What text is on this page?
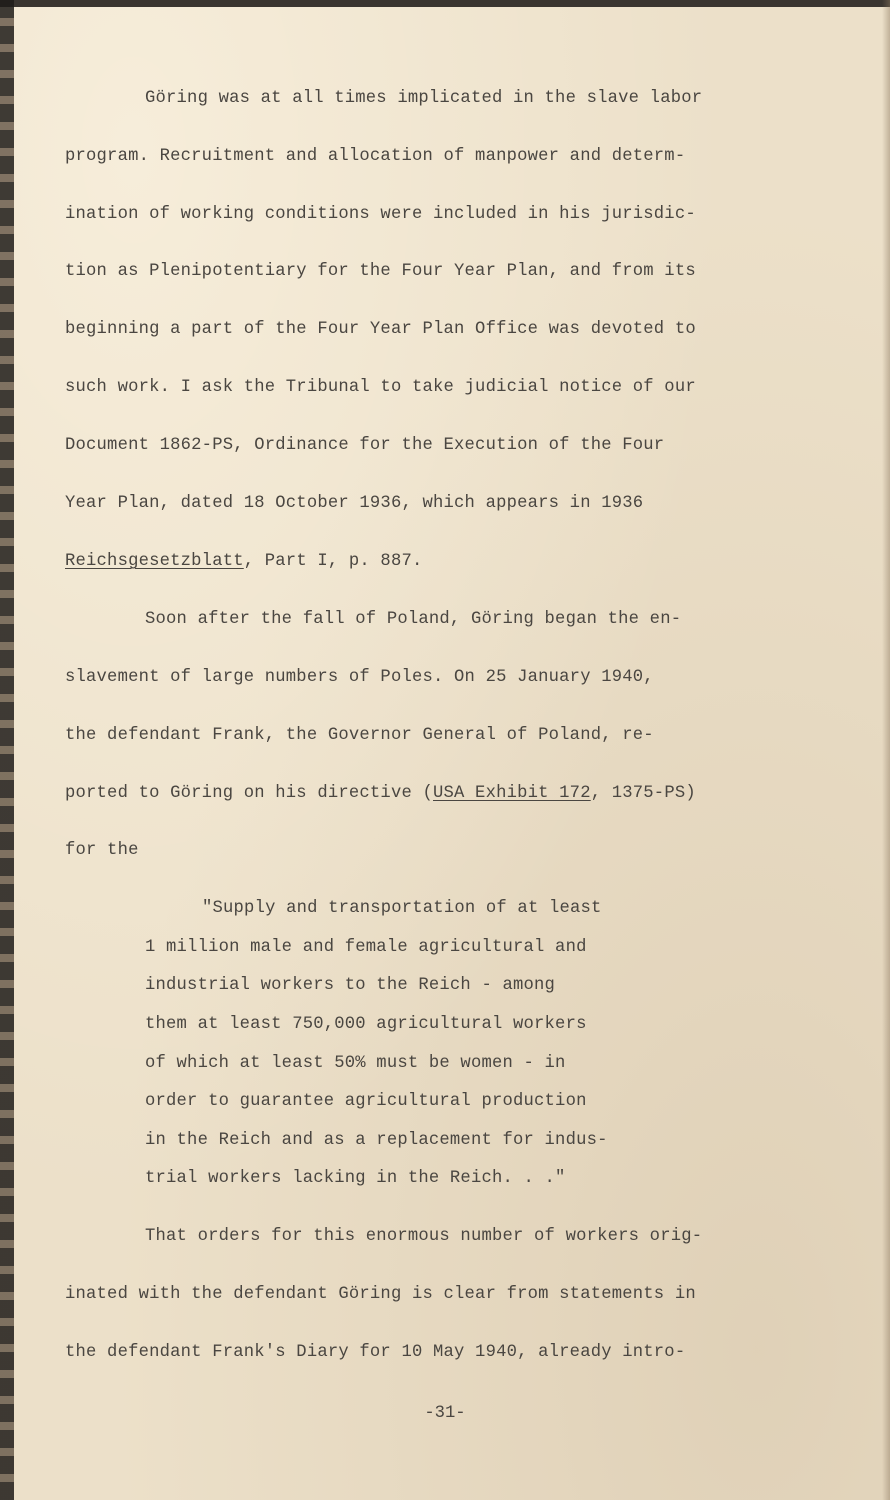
Göring was at all times implicated in the slave labor

program. Recruitment and allocation of manpower and determ-

ination of working conditions were included in his jurisdic-

tion as Plenipotentiary for the Four Year Plan, and from its

beginning a part of the Four Year Plan Office was devoted to

such work. I ask the Tribunal to take judicial notice of our

Document 1862-PS, Ordinance for the Execution of the Four

Year Plan, dated 18 October 1936, which appears in 1936

Reichsgesetzblatt, Part I, p. 887.

Soon after the fall of Poland, Göring began the en-

slavement of large numbers of Poles. On 25 January 1940,

the defendant Frank, the Governor General of Poland, re-

ported to Göring on his directive (USA Exhibit 172, 1375-PS)

for the

"Supply and transportation of at least

1 million male and female agricultural and

industrial workers to the Reich - among

them at least 750,000 agricultural workers

of which at least 50% must be women - in

order to guarantee agricultural production

in the Reich and as a replacement for indus-

trial workers lacking in the Reich. . ."

That orders for this enormous number of workers orig-

inated with the defendant Göring is clear from statements in

the defendant Frank's Diary for 10 May 1940, already intro-

-31-
